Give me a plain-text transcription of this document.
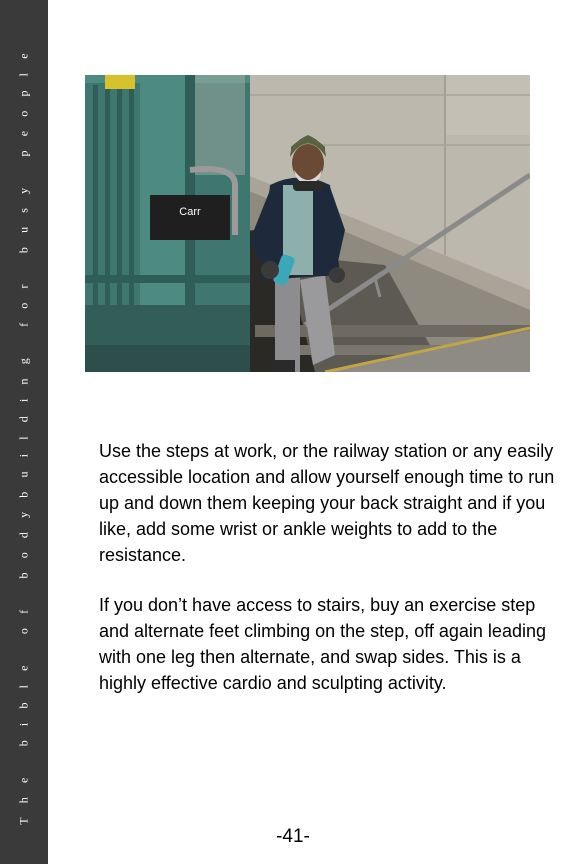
The bible of bodybuilding for busy people	Carr

Use the steps at work, or the railway station or any easily accessible location and allow yourself enough time to run up and down them keeping your back straight and if you like, add some wrist or ankle weights to add to the resistance.

If you don’t have access to stairs, buy an exercise step and alternate feet climbing on the step, off again leading with one leg then alternate, and swap sides. This is a highly effective cardio and sculpting activity.

-41-
